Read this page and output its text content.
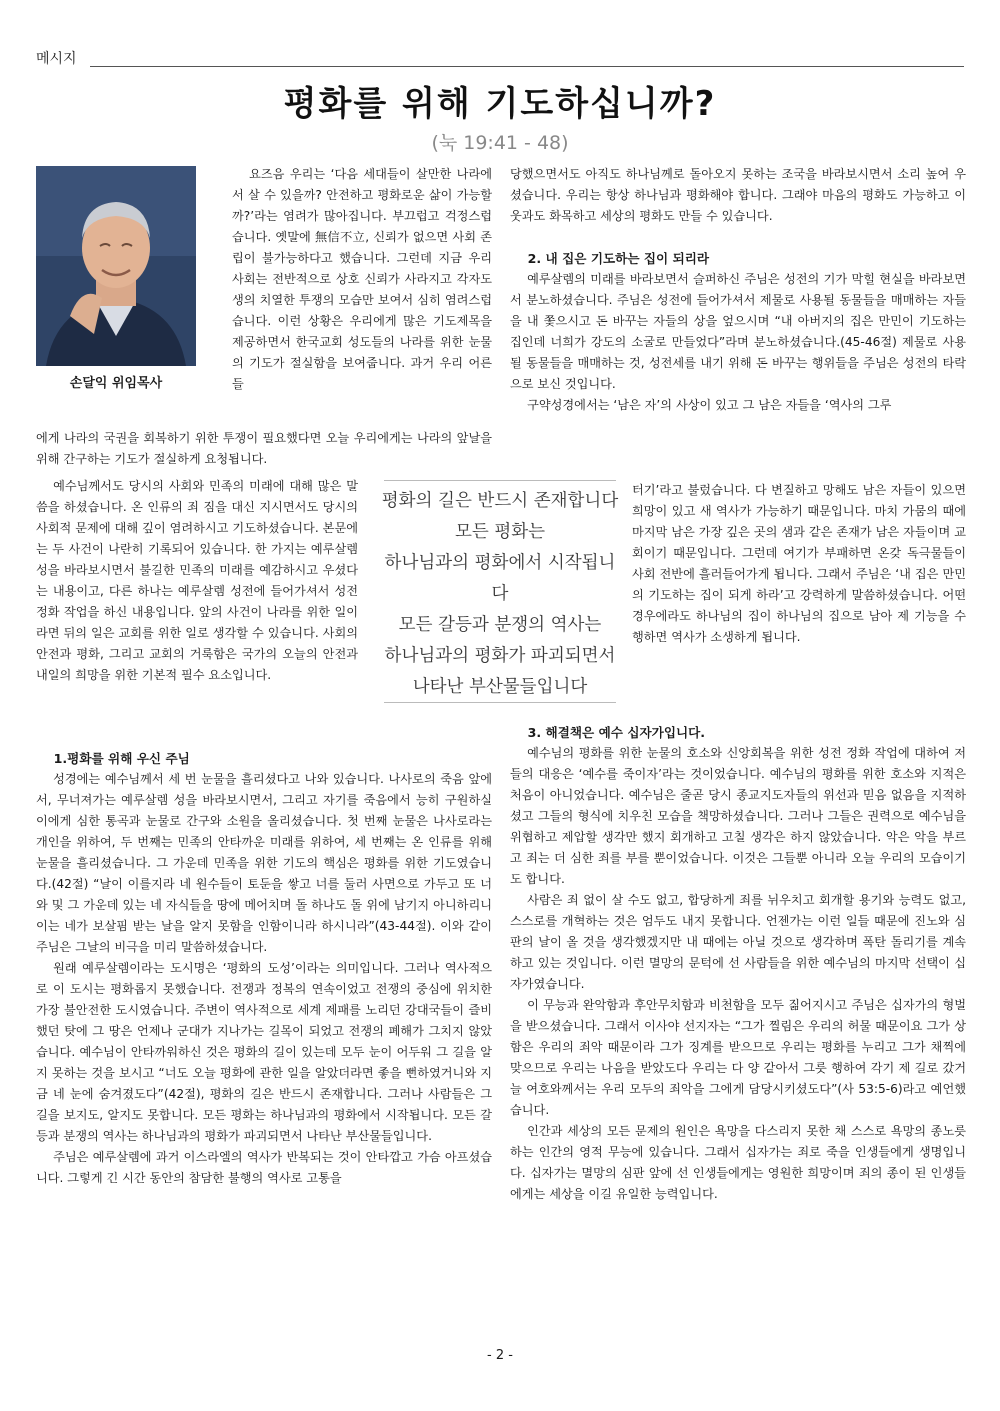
메시지
평화를 위해 기도하십니까?
(눅 19:41 - 48)
손달익 위임목사

요즈음 우리는 ‘다음 세대들이 살만한 나라에서 살 수 있을까? 안전하고 평화로운 삶이 가능할까?’라는 염려가 많아집니다. 부끄럽고 걱정스럽습니다. 옛말에 無信不立, 신뢰가 없으면 사회 존립이 불가능하다고 했습니다. 그런데 지금 우리 사회는 전반적으로 상호 신뢰가 사라지고 각자도생의 치열한 투쟁의 모습만 보여서 심히 염려스럽습니다. 이런 상황은 우리에게 많은 기도제목을 제공하면서 한국교회 성도들의 나라를 위한 눈물의 기도가 절실함을 보여줍니다. 과거 우리 어른들

에게 나라의 국권을 회복하기 위한 투쟁이 필요했다면 오늘 우리에게는 나라의 앞날을 위해 간구하는 기도가 절실하게 요청됩니다.

예수님께서도 당시의 사회와 민족의 미래에 대해 많은 말씀을 하셨습니다. 온 인류의 죄 짐을 대신 지시면서도 당시의 사회적 문제에 대해 깊이 염려하시고 기도하셨습니다. 본문에는 두 사건이 나란히 기록되어 있습니다. 한 가지는 예루살렘 성을 바라보시면서 불길한 민족의 미래를 예감하시고 우셨다는 내용이고, 다른 하나는 예루살렘 성전에 들어가셔서 성전 정화 작업을 하신 내용입니다. 앞의 사건이 나라를 위한 일이라면 뒤의 일은 교회를 위한 일로 생각할 수 있습니다. 사회의 안전과 평화, 그리고 교회의 거룩함은 국가의 오늘의 안전과 내일의 희망을 위한 기본적 필수 요소입니다.

1.평화를 위해 우신 주님

성경에는 예수님께서 세 번 눈물을 흘리셨다고 나와 있습니다. 나사로의 죽음 앞에서, 무너져가는 예루살렘 성을 바라보시면서, 그리고 자기를 죽음에서 능히 구원하실 이에게 심한 통곡과 눈물로 간구와 소원을 올리셨습니다. 첫 번째 눈물은 나사로라는 개인을 위하여, 두 번째는 민족의 안타까운 미래를 위하여, 세 번째는 온 인류를 위해 눈물을 흘리셨습니다. 그 가운데 민족을 위한 기도의 핵심은 평화를 위한 기도였습니다.(42절) “날이 이를지라 네 원수들이 토둔을 쌓고 너를 둘러 사면으로 가두고 또 너와 및 그 가운데 있는 네 자식들을 땅에 메어치며 돌 하나도 돌 위에 남기지 아니하리니 이는 네가 보살핌 받는 날을 알지 못함을 인함이니라 하시니라”(43-44절). 이와 같이 주님은 그날의 비극을 미리 말씀하셨습니다.

원래 예루살렘이라는 도시명은 ‘평화의 도성’이라는 의미입니다. 그러나 역사적으로 이 도시는 평화롭지 못했습니다. 전쟁과 정복의 연속이었고 전쟁의 중심에 위치한 가장 불안전한 도시였습니다. 주변이 역사적으로 세계 제패를 노리던 강대국들이 즐비했던 탓에 그 땅은 언제나 군대가 지나가는 길목이 되었고 전쟁의 폐해가 그치지 않았습니다. 예수님이 안타까워하신 것은 평화의 길이 있는데 모두 눈이 어두워 그 길을 알지 못하는 것을 보시고 “너도 오늘 평화에 관한 일을 알았더라면 좋을 뻔하였거니와 지금 네 눈에 숨겨졌도다”(42절), 평화의 길은 반드시 존재합니다. 그러나 사람들은 그 길을 보지도, 알지도 못합니다. 모든 평화는 하나님과의 평화에서 시작됩니다. 모든 갈등과 분쟁의 역사는 하나님과의 평화가 파괴되면서 나타난 부산물들입니다.

주님은 예루살렘에 과거 이스라엘의 역사가 반복되는 것이 안타깝고 가슴 아프셨습니다. 그렇게 긴 시간 동안의 참담한 불행의 역사로 고통을

평화의 길은 반드시 존재합니다
모든 평화는
하나님과의 평화에서 시작됩니다
모든 갈등과 분쟁의 역사는
하나님과의 평화가 파괴되면서
나타난 부산물들입니다

당했으면서도 아직도 하나님께로 돌아오지 못하는 조국을 바라보시면서 소리 높여 우셨습니다. 우리는 항상 하나님과 평화해야 합니다. 그래야 마음의 평화도 가능하고 이웃과도 화목하고 세상의 평화도 만들 수 있습니다.

2. 내 집은 기도하는 집이 되리라

예루살렘의 미래를 바라보면서 슬퍼하신 주님은 성전의 기가 막힐 현실을 바라보면서 분노하셨습니다. 주님은 성전에 들어가셔서 제물로 사용될 동물들을 매매하는 자들을 내 쫓으시고 돈 바꾸는 자들의 상을 엎으시며 “내 아버지의 집은 만민이 기도하는 집인데 너희가 강도의 소굴로 만들었다”라며 분노하셨습니다.(45-46절) 제물로 사용될 동물들을 매매하는 것, 성전세를 내기 위해 돈 바꾸는 행위들을 주님은 성전의 타락으로 보신 것입니다.

구약성경에서는 ‘남은 자’의 사상이 있고 그 남은 자들을 ‘역사의 그루

터기’라고 불렀습니다. 다 변질하고 망해도 남은 자들이 있으면 희망이 있고 새 역사가 가능하기 때문입니다. 마치 가뭄의 때에 마지막 남은 가장 깊은 곳의 샘과 같은 존재가 남은 자들이며 교회이기 때문입니다. 그런데 여기가 부패하면 온갖 독극물들이 사회 전반에 흘러들어가게 됩니다. 그래서 주님은 ‘내 집은 만민의 기도하는 집이 되게 하라’고 강력하게 말씀하셨습니다. 어떤 경우에라도 하나님의 집이 하나님의 집으로 남아 제 기능을 수행하면 역사가 소생하게 됩니다.

3. 해결책은 예수 십자가입니다.

예수님의 평화를 위한 눈물의 호소와 신앙회복을 위한 성전 정화 작업에 대하여 저들의 대응은 ‘예수를 죽이자’라는 것이었습니다. 예수님의 평화를 위한 호소와 지적은 처음이 아니었습니다. 예수님은 줄곧 당시 종교지도자들의 위선과 믿음 없음을 지적하셨고 그들의 형식에 치우친 모습을 책망하셨습니다. 그러나 그들은 권력으로 예수님을 위협하고 제압할 생각만 했지 회개하고 고칠 생각은 하지 않았습니다. 악은 악을 부르고 죄는 더 심한 죄를 부를 뿐이었습니다. 이것은 그들뿐 아니라 오늘 우리의 모습이기도 합니다.

사람은 죄 없이 살 수도 없고, 합당하게 죄를 뉘우치고 회개할 용기와 능력도 없고, 스스로를 개혁하는 것은 엄두도 내지 못합니다. 언젠가는 이런 일들 때문에 진노와 심판의 날이 올 것을 생각했겠지만 내 때에는 아닐 것으로 생각하며 폭탄 돌리기를 계속하고 있는 것입니다. 이런 멸망의 문턱에 선 사람들을 위한 예수님의 마지막 선택이 십자가였습니다.

이 무능과 완악함과 후안무치함과 비천함을 모두 짊어지시고 주님은 십자가의 형벌을 받으셨습니다. 그래서 이사야 선지자는 “그가 찔림은 우리의 허물 때문이요 그가 상함은 우리의 죄악 때문이라 그가 징계를 받으므로 우리는 평화를 누리고 그가 채찍에 맞으므로 우리는 나음을 받았도다 우리는 다 양 같아서 그릇 행하여 각기 제 길로 갔거늘 여호와께서는 우리 모두의 죄악을 그에게 담당시키셨도다”(사 53:5-6)라고 예언했습니다.

인간과 세상의 모든 문제의 원인은 욕망을 다스리지 못한 채 스스로 욕망의 종노릇하는 인간의 영적 무능에 있습니다. 그래서 십자가는 죄로 죽을 인생들에게 생명입니다. 십자가는 멸망의 심판 앞에 선 인생들에게는 영원한 희망이며 죄의 종이 된 인생들에게는 세상을 이길 유일한 능력입니다.

- 2 -
